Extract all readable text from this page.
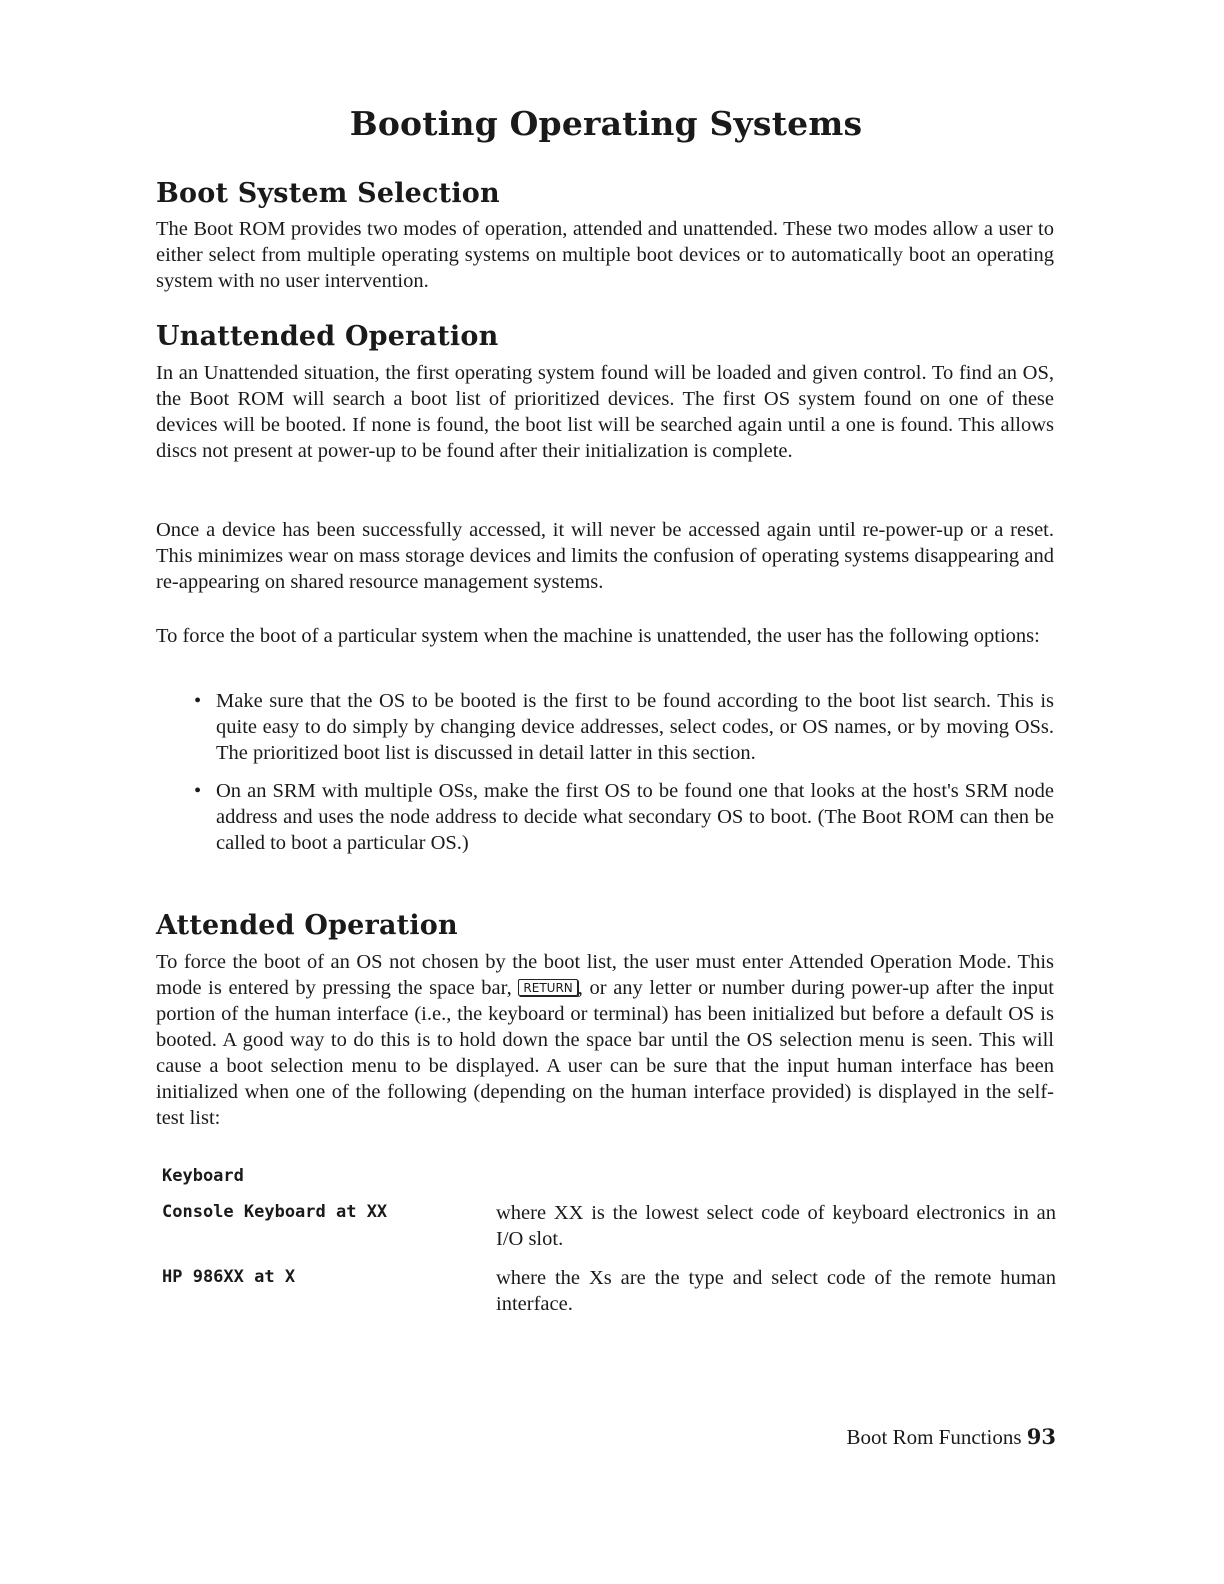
Booting Operating Systems
Boot System Selection

The Boot ROM provides two modes of operation, attended and unattended. These two modes allow a user to either select from multiple operating systems on multiple boot devices or to automatically boot an operating system with no user intervention.

Unattended Operation

In an Unattended situation, the first operating system found will be loaded and given control. To find an OS, the Boot ROM will search a boot list of prioritized devices. The first OS system found on one of these devices will be booted. If none is found, the boot list will be searched again until a one is found. This allows discs not present at power-up to be found after their initialization is complete.

Once a device has been successfully accessed, it will never be accessed again until re-power-up or a reset. This minimizes wear on mass storage devices and limits the confusion of operating systems disappearing and re-appearing on shared resource management systems.

To force the boot of a particular system when the machine is unattended, the user has the following options:

• Make sure that the OS to be booted is the first to be found according to the boot list search. This is quite easy to do simply by changing device addresses, select codes, or OS names, or by moving OSs. The prioritized boot list is discussed in detail latter in this section.
• On an SRM with multiple OSs, make the first OS to be found one that looks at the host's SRM node address and uses the node address to decide what secondary OS to boot. (The Boot ROM can then be called to boot a particular OS.)
Attended Operation

To force the boot of an OS not chosen by the boot list, the user must enter Attended Operation Mode. This mode is entered by pressing the space bar, RETURN , or any letter or number during power-up after the input portion of the human interface (i.e., the keyboard or terminal) has been initialized but before a default OS is booted. A good way to do this is to hold down the space bar until the OS selection menu is seen. This will cause a boot selection menu to be displayed. A user can be sure that the input human interface has been initialized when one of the following (depending on the human interface provided) is displayed in the self-test list:

Keyboard
Console Keyboard at XX	where XX is the lowest select code of keyboard electronics in an I/O slot.

HP 986XX at X	where the Xs are the type and select code of the remote human interface.

Boot Rom Functions 93
